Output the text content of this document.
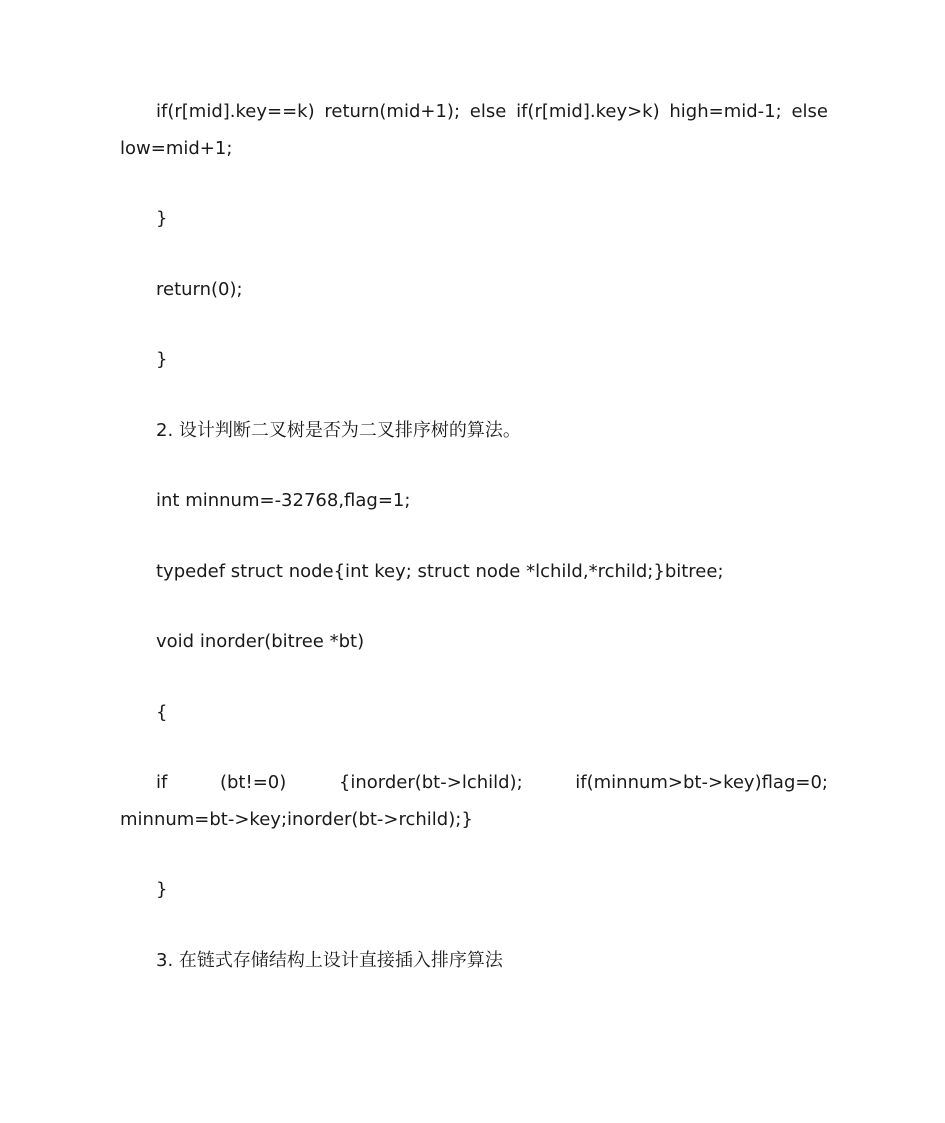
if(r[mid].key==k) return(mid+1); else if(r[mid].key>k) high=mid-1; else

low=mid+1;

}

return(0);

}

2. 设计判断二叉树是否为二叉排序树的算法。

int minnum=-32768,flag=1;

typedef struct node{int key; struct node *lchild,*rchild;}bitree;

void inorder(bitree *bt)

{

if	(bt!=0)	{inorder(bt->lchild);	if(minnum>bt->key)flag=0;

minnum=bt->key;inorder(bt->rchild);}

}

3. 在链式存储结构上设计直接插入排序算法
